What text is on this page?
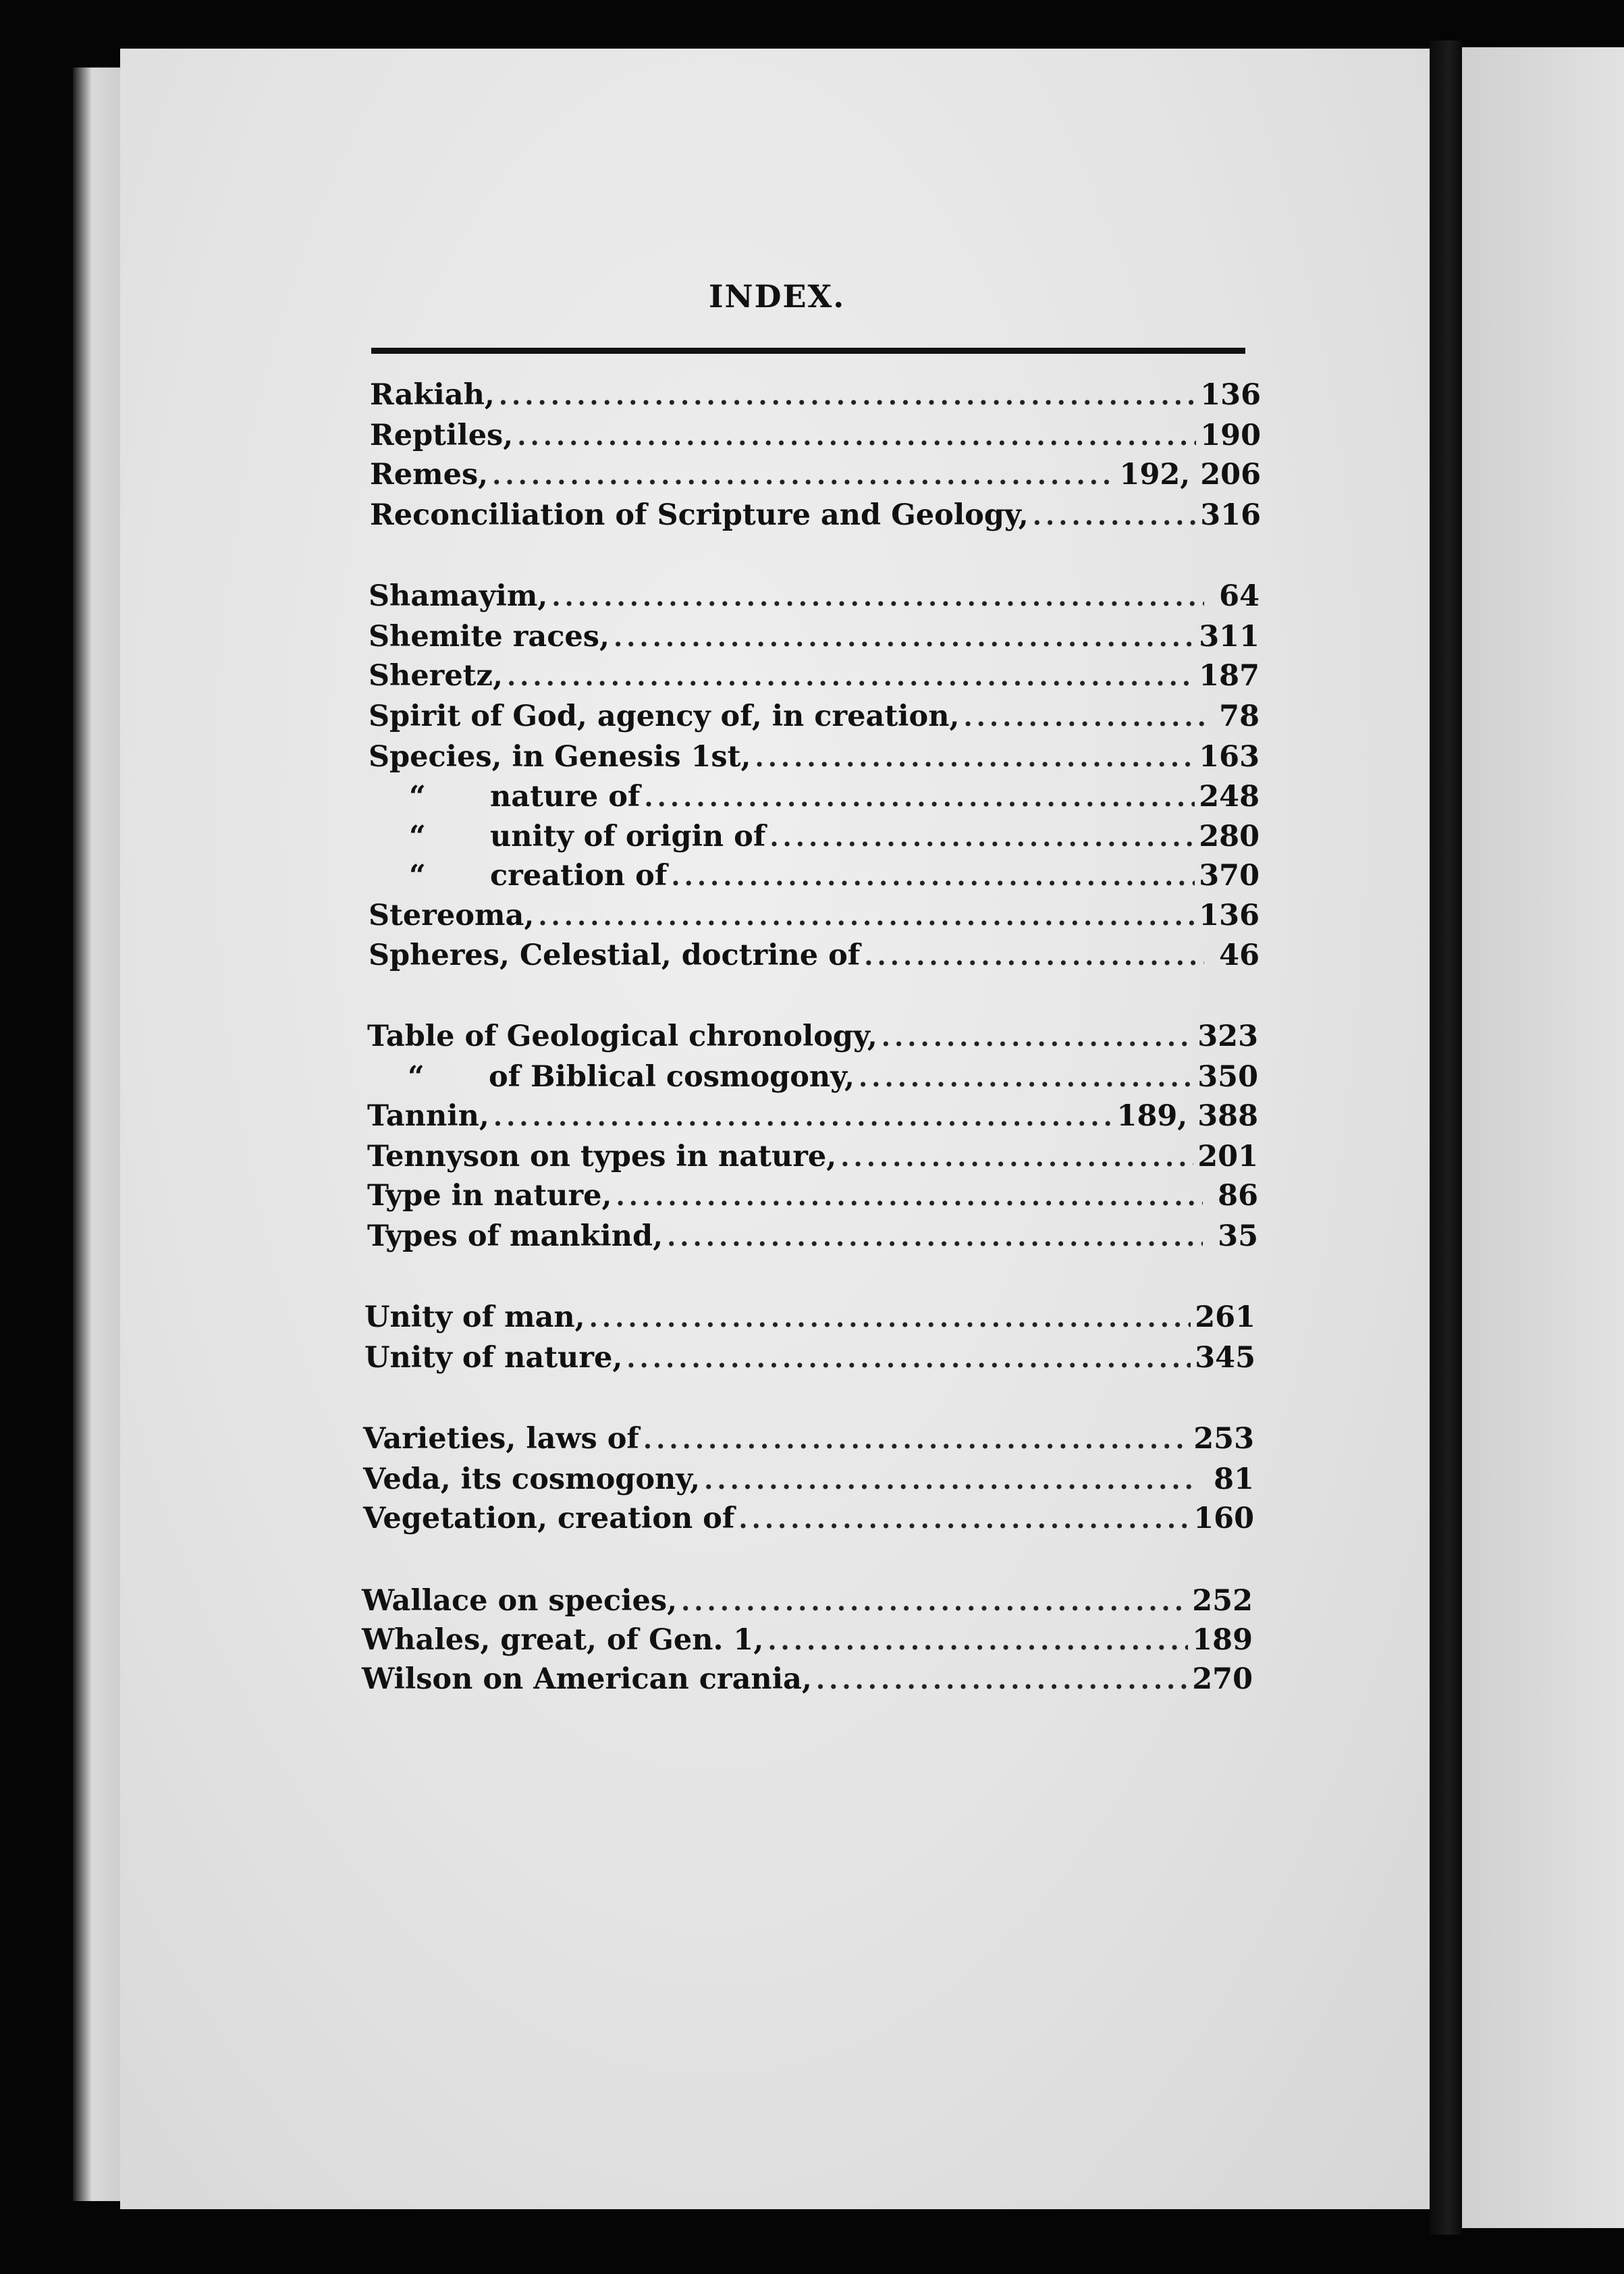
INDEX.
Rakiah, .....	136
Reptiles, .....	190
Remes, .....	192, 206
Reconciliation of Scripture and Geology, .....	316
Shamayim, .....	64
Shemite races, .....	311
Sheretz, .....	187
Spirit of God, agency of, in creation, .....	78
Species, in Genesis 1st, .....	163
“ nature of .....	248
“ unity of origin of .....	280
“ creation of .....	370
Stereoma, .....	136
Spheres, Celestial, doctrine of .....	46
Table of Geological chronology, .....	323
“ of Biblical cosmogony, .....	350
Tannin, .....	189, 388
Tennyson on types in nature, .....	201
Type in nature, .....	86
Types of mankind, .....	35
Unity of man, .....	261
Unity of nature, .....	345
Varieties, laws of .....	253
Veda, its cosmogony, .....	81
Vegetation, creation of .....	160
Wallace on species, .....	252
Whales, great, of Gen. 1, .....	189
Wilson on American crania, .....	270
